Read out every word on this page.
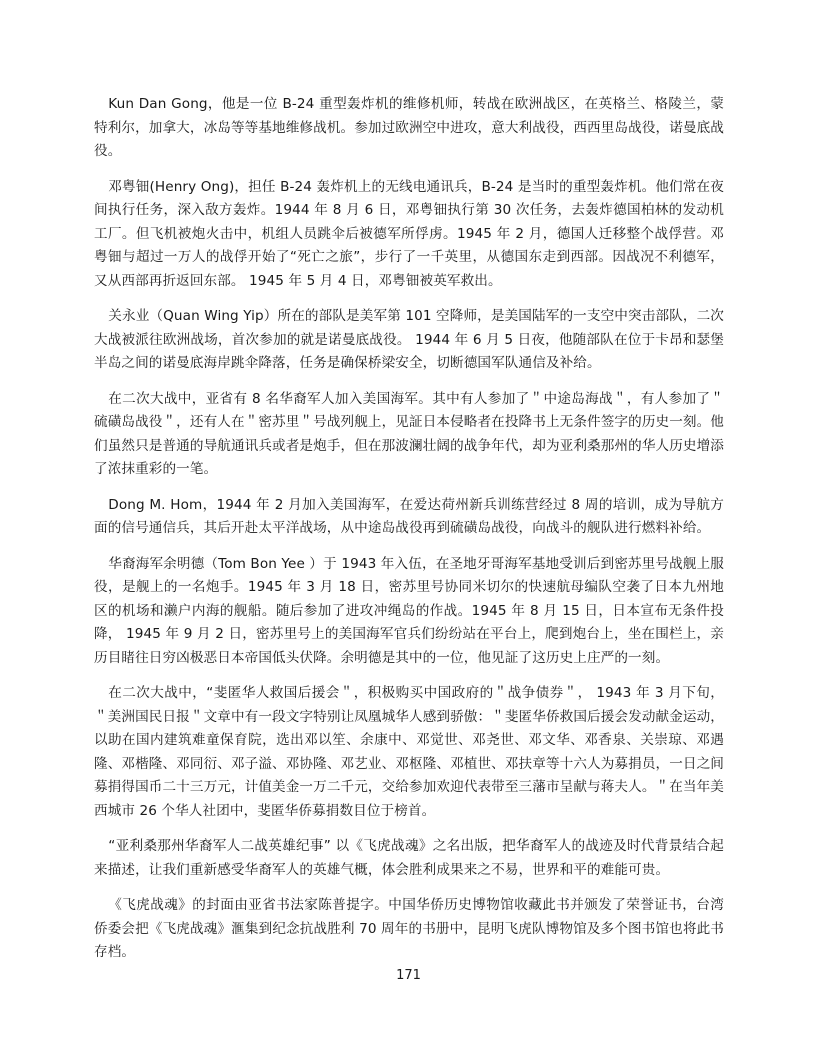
Kun Dan Gong，他是一位 B-24 重型轰炸机的维修机师，转战在欧洲战区，在英格兰、格陵兰，蒙特利尔，加拿大，冰岛等等基地维修战机。参加过欧洲空中进攻，意大利战役，西西里岛战役，诺曼底战役。

邓粤钿(Henry Ong)，担任 B-24 轰炸机上的无线电通讯兵，B-24 是当时的重型轰炸机。他们常在夜间执行任务，深入敌方轰炸。1944 年 8 月 6 日，邓粤钿执行第 30 次任务，去轰炸德国柏林的发动机工厂。但飞机被炮火击中，机组人员跳伞后被德军所俘虏。1945 年 2 月，德国人迁移整个战俘营。邓粤钿与超过一万人的战俘开始了“死亡之旅”，步行了一千英里，从德国东走到西部。因战况不利德军，又从西部再折返回东部。 1945 年 5 月 4 日，邓粤钿被英军救出。

关永业（Quan Wing Yip）所在的部队是美军第 101 空降师，是美国陆军的一支空中突击部队，二次大战被派往欧洲战场，首次参加的就是诺曼底战役。 1944 年 6 月 5 日夜，他随部队在位于卡昂和瑟堡半岛之间的诺曼底海岸跳伞降落，任务是确保桥梁安全，切断德国军队通信及补给。

在二次大战中，亚省有 8 名华裔军人加入美国海军。其中有人参加了＂中途岛海战＂，有人参加了＂硫磺岛战役＂，还有人在＂密苏里＂号战列舰上，见証日本侵略者在投降书上无条件签字的历史一刻。他们虽然只是普通的导航通讯兵或者是炮手，但在那波澜壮阔的战争年代，却为亚利桑那州的华人历史增添了浓抹重彩的一笔。

Dong M. Hom，1944 年 2 月加入美国海军，在爱达荷州新兵训练营经过 8 周的培训，成为导航方面的信号通信兵，其后开赴太平洋战场，从中途岛战役再到硫磺岛战役，向战斗的舰队进行燃料补给。

华裔海军余明德（Tom Bon Yee ）于 1943 年入伍，在圣地牙哥海军基地受训后到密苏里号战舰上服役，是舰上的一名炮手。1945 年 3 月 18 日，密苏里号协同米切尔的快速航母编队空袭了日本九州地区的机场和濑户内海的舰船。随后参加了进攻冲绳岛的作战。1945 年 8 月 15 日，日本宣布无条件投降， 1945 年 9 月 2 日，密苏里号上的美国海军官兵们纷纷站在平台上，爬到炮台上，坐在围栏上，亲历目睹往日穷凶极恶日本帝国低头伏降。余明德是其中的一位，他见証了这历史上庄严的一刻。

在二次大战中，“斐匿华人救国后援会＂，积极购买中国政府的＂战争债券＂， 1943 年 3 月下旬，＂美洲国民日报＂文章中有一段文字特别让凤凰城华人感到骄傲：＂斐匿华侨救国后援会发动献金运动，以助在国内建筑难童保育院，选出邓以笙、余康中、邓觉世、邓尧世、邓文华、邓香泉、关崇琼、邓遇隆、邓楷隆、邓同衍、邓子溢、邓协隆、邓艺业、邓枢隆、邓植世、邓扶章等十六人为募捐员，一日之间募捐得国币二十三万元，计值美金一万二千元，交给参加欢迎代表带至三藩市呈献与蒋夫人。＂在当年美西城市 26 个华人社团中，斐匿华侨募捐数目位于榜首。

“亚利桑那州华裔军人二战英雄纪事” 以《飞虎战魂》之名出版，把华裔军人的战迹及时代背景结合起来描述，让我们重新感受华裔军人的英雄气概，体会胜利成果来之不易，世界和平的难能可贵。

《飞虎战魂》的封面由亚省书法家陈普提字。中国华侨历史博物馆收藏此书并颁发了荣誉证书，台湾侨委会把《飞虎战魂》滙集到纪念抗战胜利 70 周年的书册中，昆明飞虎队博物馆及多个图书馆也将此书存档。

171
